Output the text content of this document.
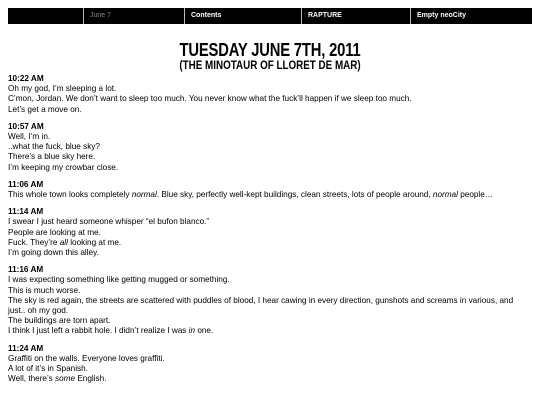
June 7	Contents	RAPTURE	Empty neoCity
TUESDAY JUNE 7TH, 2011
(THE MINOTAUR OF LLORET DE MAR)
10:22 AM
Oh my god, I’m sleeping a lot.
C’mon, Jordan. We don’t want to sleep too much. You never know what the fuck’ll happen if we sleep too much.
Let’s get a move on.
10:57 AM
Well, I’m in.
..what the fuck, blue sky?
There’s a blue sky here.
I’m keeping my crowbar close.
11:06 AM
This whole town looks completely normal. Blue sky, perfectly well-kept buildings, clean streets, lots of people around, normal people…
11:14 AM
I swear I just heard someone whisper “el bufon blanco.”
People are looking at me.
Fuck. They’re all looking at me.
I’m going down this alley.
11:16 AM
I was expecting something like getting mugged or something.
This is much worse.
The sky is red again, the streets are scattered with puddles of blood, I hear cawing in every direction, gunshots and screams in various, and just.. oh my god.
The buildings are torn apart.
I think I just left a rabbit hole. I didn’t realize I was in one.
11:24 AM
Graffiti on the walls. Everyone loves graffiti.
A lot of it’s in Spanish.
Well, there’s some English.
